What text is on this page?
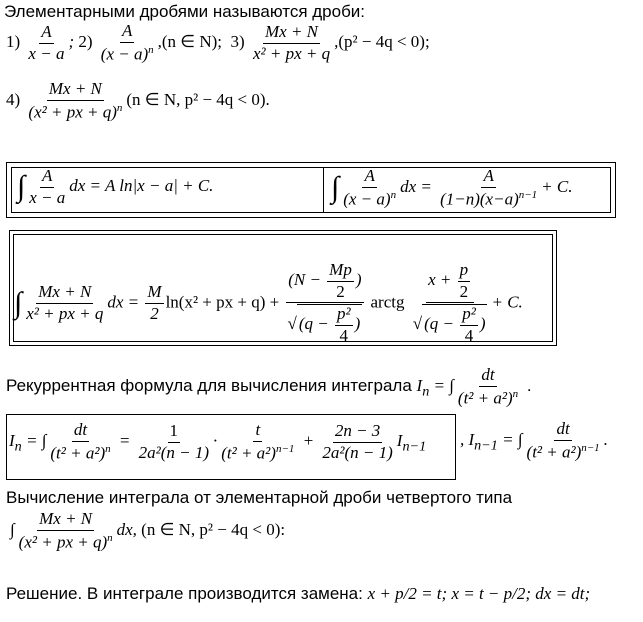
Элементарными дробями называются дроби:
$1) \frac{A}{x - a}$ ; $2) \frac{A}{(x - a)^n} ,(n$ ∈ N); $3) \frac{Mx + N}{\text{x² + px + q}} ,(p^2 - 4q < 0)$;
$4) \frac{Mx + N}{(x^2 + px + q)^n} (n$ ∈ N, p² − 4q < 0).
∫ $\frac{A}{x - a}$ dx = A ln|x − a| + C.	∫ $\frac{A}{(x - a)^n}$ dx = $\frac{A}{(1-n)(x-a)^{n-1}} + C$.
∫ $\frac{Mx + N}{\text{x² + px + q}}$ dx = $\frac{M}{2} \ln(x^2$ + px + $q) + \frac{(N - \frac{Mp}{2} )}{√ (q - \frac{\text{p²}}{4} )}$ arctg $\frac{x + \frac{p}{2}}{√ (q - \frac{\text{p²}}{4} )} + C$.
Рекуррентная формула для вычисления интеграла $I_n$ = ∫ $\frac{dt}{(t^2 + a^2)^n}$ .
$I_n$ = ∫ $\frac{dt}{(t^2 + a^2)^n} = \frac{1}{\text{2a²(n − 1)}} \cdot \frac{t}{(t^2 + a^2)^{n-1}} + \frac{2n - 3}{\text{2a²(n − 1)}} I_{n-1}$ , $I_{n-1}$ = ∫ $\frac{dt}{(t^2 + a^2)^{n-1}}$ .
Вычисление интеграла от элементарной дроби четвертого типа
∫ $\frac{Mx + N}{(x^2 + px + q)^n}$ dx, (n ∈ N, p² − 4q < 0):
Решение. В интеграле производится замена: x + p/2 = t; x = t − p/2; dx = dt;
